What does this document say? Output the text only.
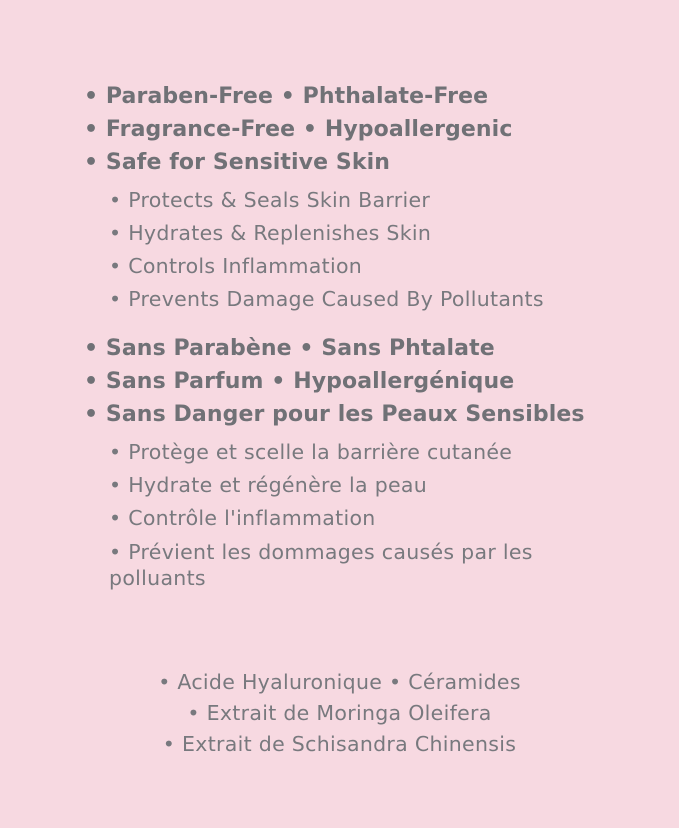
• Paraben-Free • Phthalate-Free
• Fragrance-Free • Hypoallergenic
• Safe for Sensitive Skin
• Protects & Seals Skin Barrier
• Hydrates & Replenishes Skin
• Controls Inflammation
• Prevents Damage Caused By Pollutants
• Sans Parabène • Sans Phtalate
• Sans Parfum • Hypoallergénique
• Sans Danger pour les Peaux Sensibles
• Protège et scelle la barrière cutanée
• Hydrate et régénère la peau
• Contrôle l'inflammation
• Prévient les dommages causés par les polluants
• Acide Hyaluronique • Céramides
• Extrait de Moringa Oleifera
• Extrait de Schisandra Chinensis
